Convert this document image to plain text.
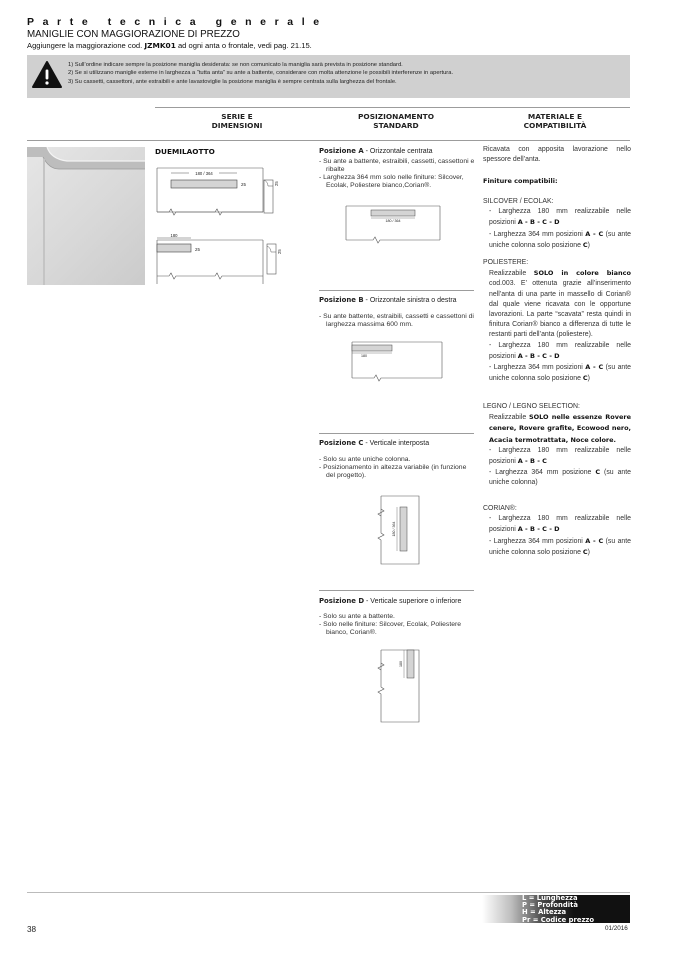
Parte tecnica generale
MANIGLIE CON MAGGIORAZIONE DI PREZZO
Aggiungere la maggiorazione cod. JZMK01 ad ogni anta o frontale, vedi pag. 21.15.
1) Sull’ordine indicare sempre la posizione maniglia desiderata: se non comunicato la maniglia sarà prevista in posizione standard.
2) Se si utilizzano maniglie esterne in larghezza a “tutta anta” su ante a battente, considerare con molta attenzione le possibili interferenze in apertura.
3) Su cassetti, cassettoni, ante estraibili e ante lavastoviglie la posizione maniglia è sempre centrata sulla larghezza del frontale.
SERIE E
DIMENSIONI
POSIZIONAMENTO
STANDARD
MATERIALE E
COMPATIBILITÀ
DUEMILAOTTO
180 / 364
25	25
180
25	25
Posizione A - Orizzontale centrata
- Su ante a battente, estraibili, cassetti, cassettoni e ribalte
- Larghezza 364 mm solo nelle finiture: Silcover, Ecolak, Poliestere bianco,Corian®.
180 / 364
Posizione B - Orizzontale sinistra o destra
- Su ante battente, estraibili, cassetti e cassettoni di larghezza massima 600 mm.
180
Posizione C - Verticale interposta
- Solo su ante uniche colonna.
- Posizionamento in altezza variabile (in funzione del progetto).
180 / 364
Posizione D - Verticale superiore o inferiore
- Solo su ante a battente.
- Solo nelle finiture: Silcover, Ecolak, Poliestere bianco, Corian®.
180
Ricavata con apposita lavorazione nello spessore dell’anta.
Finiture compatibili:
SILCOVER / ECOLAK:
- Larghezza 180 mm realizzabile nelle posizioni A - B - C - D
- Larghezza 364 mm posizioni A - C (su ante uniche colonna solo posizione C)
POLIESTERE:
Realizzabile SOLO in colore bianco cod.003. E’ ottenuta grazie all’inserimento nell’anta di una parte in massello di Corian® dal quale viene ricavata con le opportune lavorazioni. La parte “scavata” resta quindi in finitura Corian® bianco a differenza di tutte le restanti parti dell’anta (poliestere).
- Larghezza 180 mm realizzabile nelle posizioni A - B - C - D
- Larghezza 364 mm posizioni A - C (su ante uniche colonna solo posizione C)
LEGNO / LEGNO SELECTION:
Realizzabile SOLO nelle essenze Rovere cenere, Rovere grafite, Ecowood nero, Acacia termotrattata, Noce colore.
- Larghezza 180 mm realizzabile nelle posizioni A - B - C
- Larghezza 364 mm posizione C (su ante uniche colonna)
CORIAN®:
- Larghezza 180 mm realizzabile nelle posizioni A - B - C - D
- Larghezza 364 mm posizioni A - C (su ante uniche colonna solo posizione C)
L = Lunghezza
P = Profondità
H = Altezza
Pr = Codice prezzo
38	01/2016
